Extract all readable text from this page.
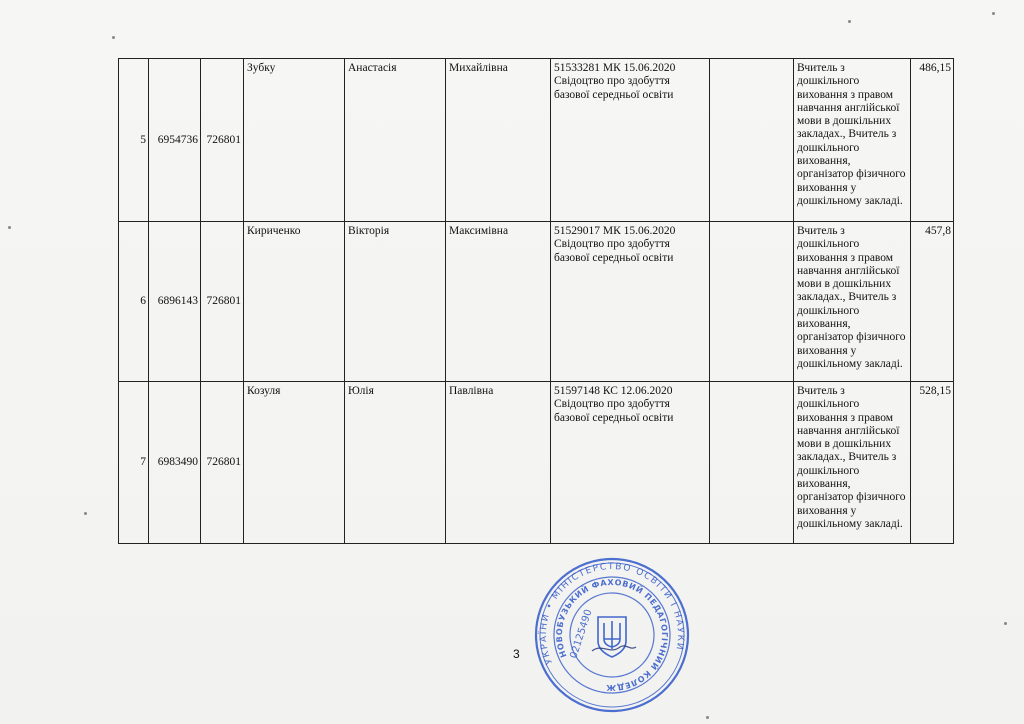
5	6954736	726801	Зубку	Анастасія	Михайлівна	51533281 МК 15.06.2020 Свідоцтво про здобуття базової середньої освіти		Вчитель з дошкільного виховання з правом навчання англійської мови в дошкільних закладах., Вчитель з дошкільного виховання, організатор фізичного виховання у дошкільному закладі.	486,15
6	6896143	726801	Кириченко	Вікторія	Максимівна	51529017 МК 15.06.2020 Свідоцтво про здобуття базової середньої освіти		Вчитель з дошкільного виховання з правом навчання англійської мови в дошкільних закладах., Вчитель з дошкільного виховання, організатор фізичного виховання у дошкільному закладі.	457,8
7	6983490	726801	Козуля	Юлія	Павлівна	51597148 КС 12.06.2020 Свідоцтво про здобуття базової середньої освіти		Вчитель з дошкільного виховання з правом навчання англійської мови в дошкільних закладах., Вчитель з дошкільного виховання, організатор фізичного виховання у дошкільному закладі.	528,15
3	УКРАЇНИ • МІНІСТЕРСТВО ОСВІТИ І НАУКИ
НОВОБУЗЬКИЙ ФАХОВИЙ ПЕДАГОГІЧНИЙ КОЛЕДЖ
02125490
